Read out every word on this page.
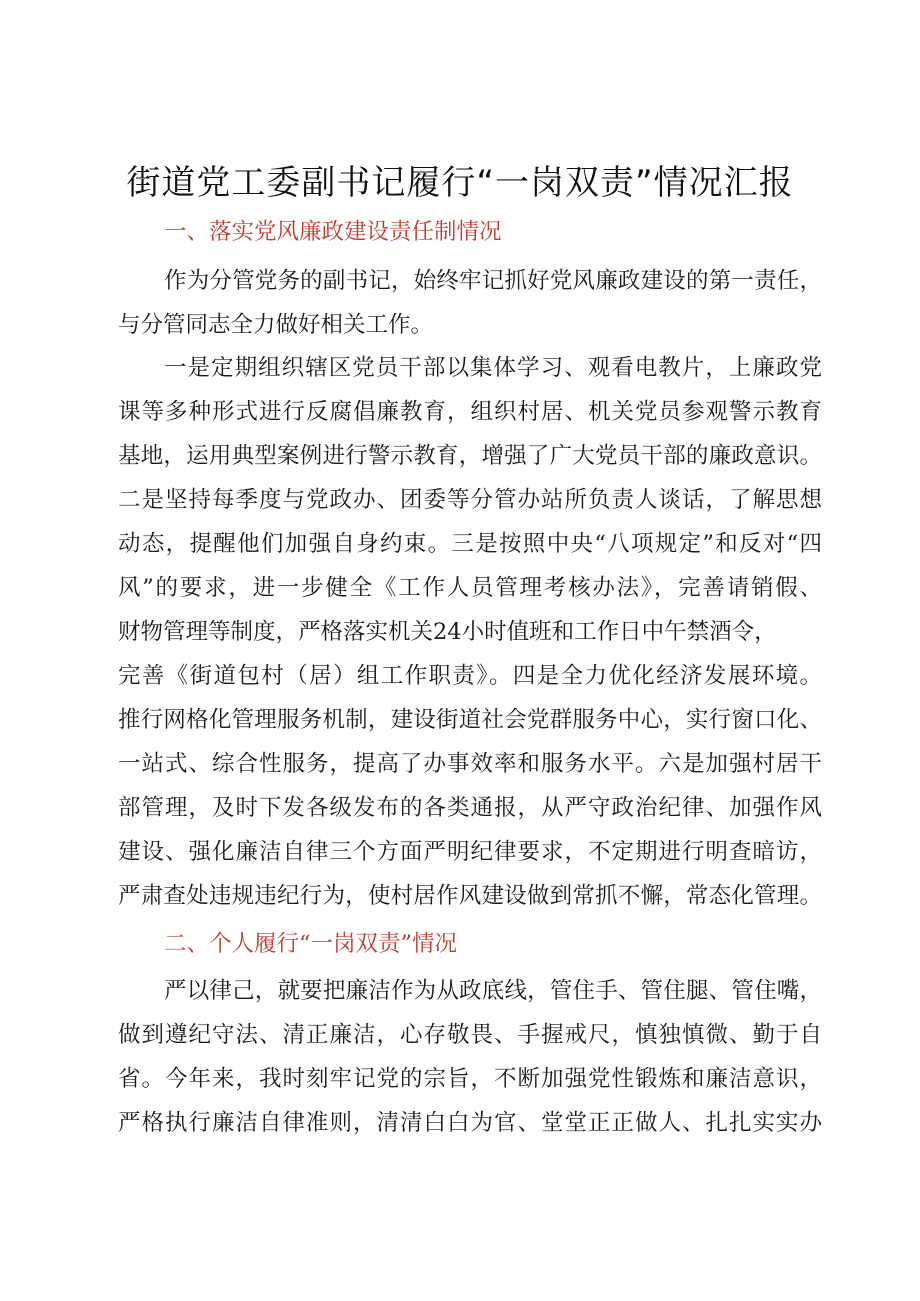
街道党工委副书记履行“一岗双责”情况汇报
一、落实党风廉政建设责任制情况
作为分管党务的副书记，始终牢记抓好党风廉政建设的第一责任，
与分管同志全力做好相关工作。
一是定期组织辖区党员干部以集体学习、观看电教片，上廉政党
课等多种形式进行反腐倡廉教育，组织村居、机关党员参观警示教育
基地，运用典型案例进行警示教育，增强了广大党员干部的廉政意识。
二是坚持每季度与党政办、团委等分管办站所负责人谈话，了解思想
动态，提醒他们加强自身约束。三是按照中央“八项规定”和反对“四
风”的要求，进一步健全《工作人员管理考核办法》，完善请销假、
财物管理等制度，严格落实机关24小时值班和工作日中午禁酒令，
完善《街道包村（居）组工作职责》。四是全力优化经济发展环境。
推行网格化管理服务机制，建设街道社会党群服务中心，实行窗口化、
一站式、综合性服务，提高了办事效率和服务水平。六是加强村居干
部管理，及时下发各级发布的各类通报，从严守政治纪律、加强作风
建设、强化廉洁自律三个方面严明纪律要求，不定期进行明查暗访，
严肃查处违规违纪行为，使村居作风建设做到常抓不懈，常态化管理。
二、个人履行“一岗双责”情况
严以律己，就要把廉洁作为从政底线，管住手、管住腿、管住嘴，
做到遵纪守法、清正廉洁，心存敬畏、手握戒尺，慎独慎微、勤于自
省。今年来，我时刻牢记党的宗旨，不断加强党性锻炼和廉洁意识，
严格执行廉洁自律准则，清清白白为官、堂堂正正做人、扎扎实实办
